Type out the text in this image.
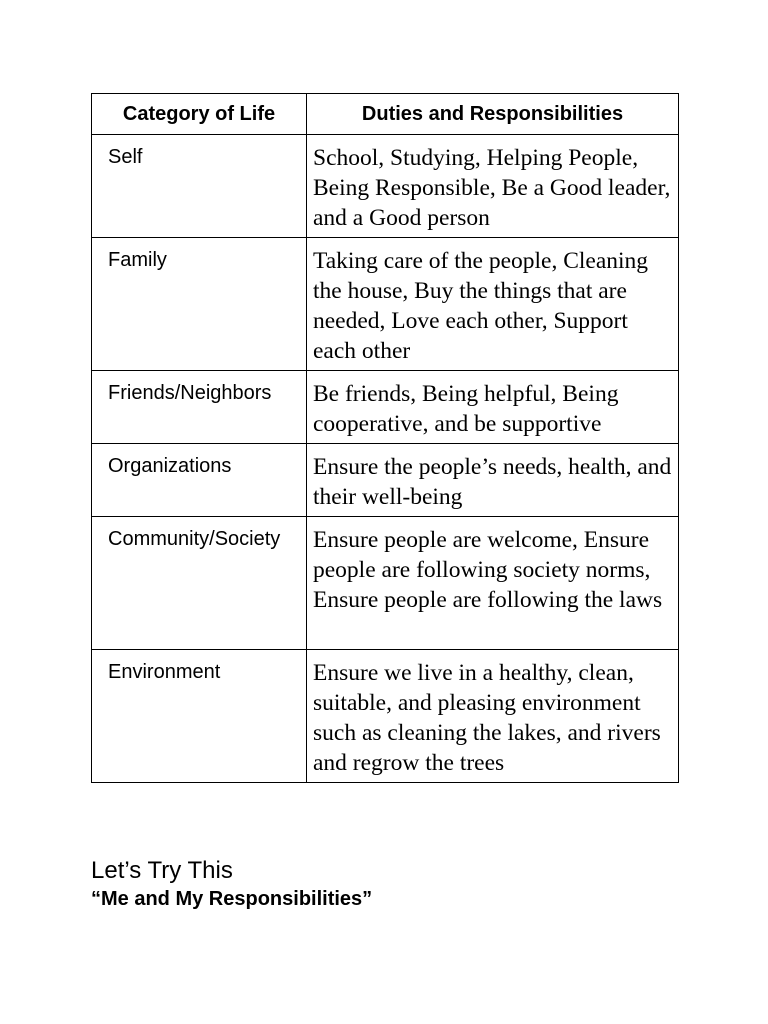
Category of Life	Duties and Responsibilities
Self	School, Studying, Helping People, Being Responsible, Be a Good leader, and a Good person
Family	Taking care of the people, Cleaning the house, Buy the things that are needed, Love each other, Support each other
Friends/Neighbors	Be friends, Being helpful, Being cooperative, and be supportive
Organizations	Ensure the people’s needs, health, and their well-being
Community/Society	Ensure people are welcome, Ensure people are following society norms, Ensure people are following the laws
Environment	Ensure we live in a healthy, clean, suitable, and pleasing environment such as cleaning the lakes, and rivers and regrow the trees
Let’s Try This

“Me and My Responsibilities”
